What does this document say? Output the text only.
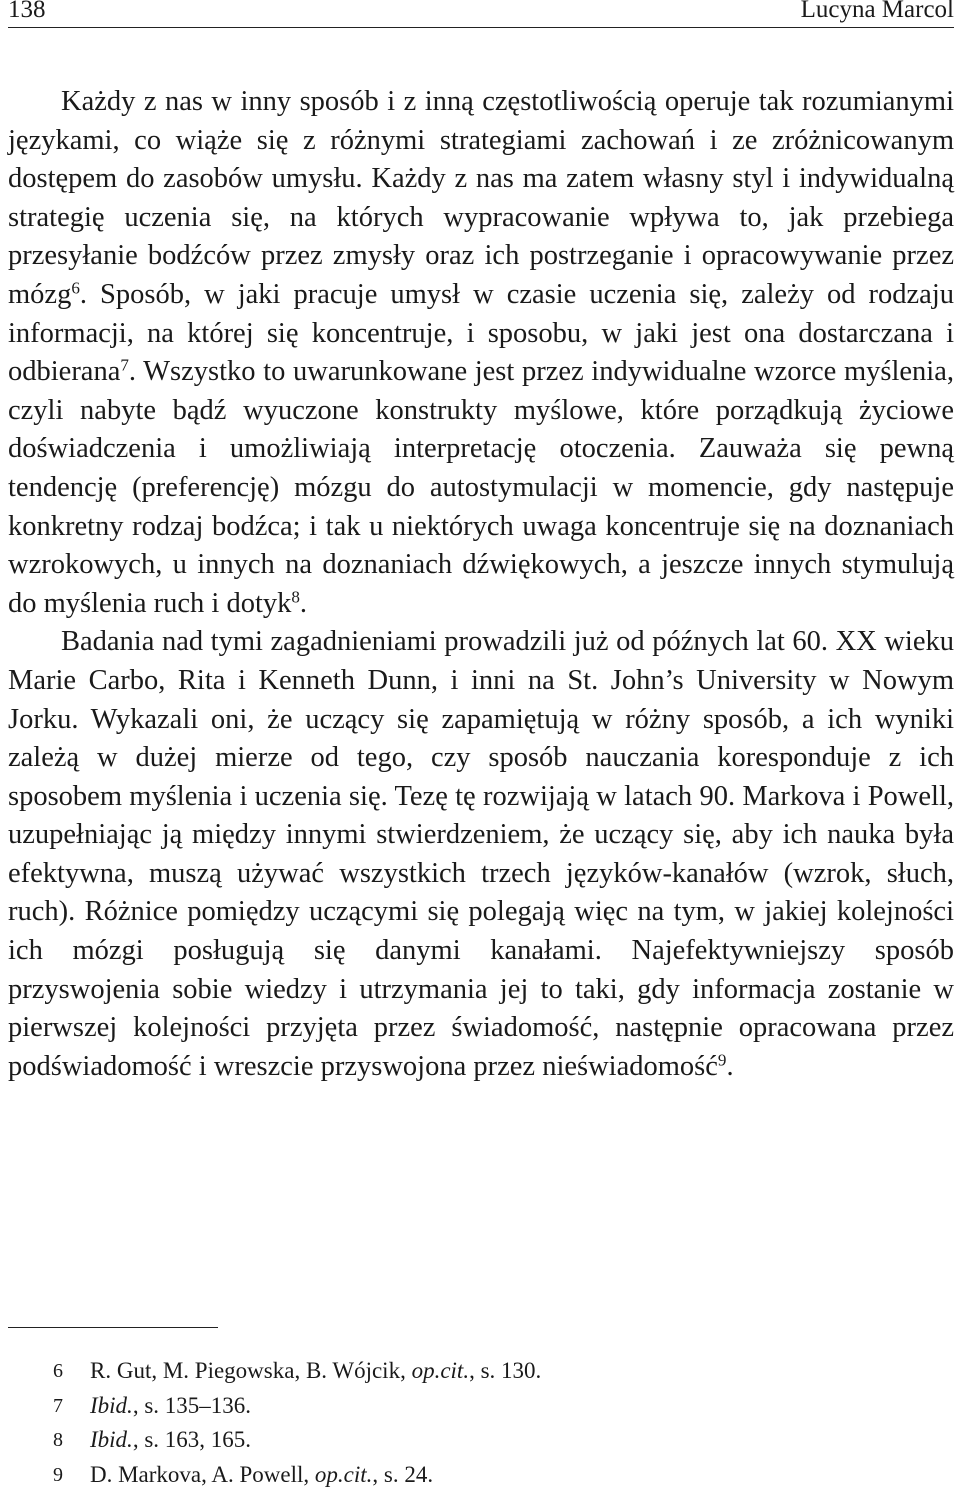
138	Lucyna Marcol

Każdy z nas w inny sposób i z inną częstotliwością operuje tak rozumianymi językami, co wiąże się z różnymi strategiami zachowań i ze zróżnicowanym dostępem do zasobów umysłu. Każdy z nas ma zatem własny styl i indywidualną strategię uczenia się, na których wypracowanie wpływa to, jak przebiega przesyłanie bodźców przez zmysły oraz ich postrzeganie i opracowywanie przez mózg$^6$. Sposób, w jaki pracuje umysł w czasie uczenia się, zależy od rodzaju informacji, na której się koncentruje, i sposobu, w jaki jest ona dostarczana i odbierana$^7$. Wszystko to uwarunkowane jest przez indywidualne wzorce myślenia, czyli nabyte bądź wyuczone konstrukty myślowe, które porządkują życiowe doświadczenia i umożliwiają interpretację otoczenia. Zauważa się pewną tendencję (preferencję) mózgu do autostymulacji w momencie, gdy następuje konkretny rodzaj bodźca; i tak u niektórych uwaga koncentruje się na doznaniach wzrokowych, u innych na doznaniach dźwiękowych, a jeszcze innych stymulują do myślenia ruch i dotyk$^8$.

Badania nad tymi zagadnieniami prowadzili już od późnych lat 60. XX wieku Marie Carbo, Rita i Kenneth Dunn, i inni na St. John’s University w Nowym Jorku. Wykazali oni, że uczący się zapamiętują w różny sposób, a ich wyniki zależą w dużej mierze od tego, czy sposób nauczania koresponduje z ich sposobem myślenia i uczenia się. Tezę tę rozwijają w latach 90. Markova i Powell, uzupełniając ją między innymi stwierdzeniem, że uczący się, aby ich nauka była efektywna, muszą używać wszystkich trzech języków-kanałów (wzrok, słuch, ruch). Różnice pomiędzy uczącymi się polegają więc na tym, w jakiej kolejności ich mózgi posługują się danymi kanałami. Najefektywniejszy sposób przyswojenia sobie wiedzy i utrzymania jej to taki, gdy informacja zostanie w pierwszej kolejności przyjęta przez świadomość, następnie opracowana przez podświadomość i wreszcie przyswojona przez nieświadomość$^9$.

6	R. Gut, M. Piegowska, B. Wójcik, op.cit., s. 130.
7	Ibid., s. 135–136.
8	Ibid., s. 163, 165.
9	D. Markova, A. Powell, op.cit., s. 24.
